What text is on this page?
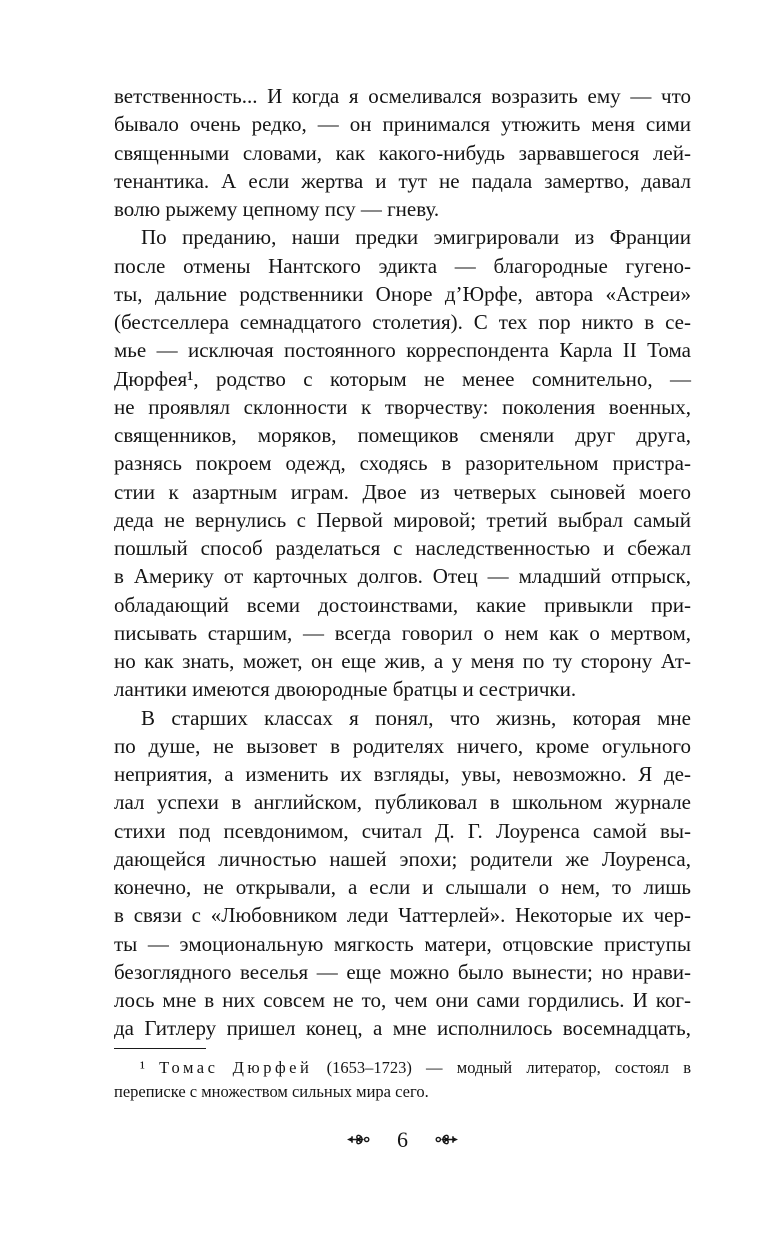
ветственность... И когда я осмеливался возразить ему — что
бывало очень редко, — он принимался утюжить меня сими
священными словами, как какого-нибудь зарвавшегося лей-
тенантика. А если жертва и тут не падала замертво, давал
волю рыжему цепному псу — гневу.

По преданию, наши предки эмигрировали из Франции
после отмены Нантского эдикта — благородные гугено-
ты, дальние родственники Оноре д’Юрфе, автора «Астреи»
(бестселлера семнадцатого столетия). С тех пор никто в се-
мье — исключая постоянного корреспондента Карла II Тома
Дюрфея¹, родство с которым не менее сомнительно, —
не проявлял склонности к творчеству: поколения военных,
священников, моряков, помещиков сменяли друг друга,
разнясь покроем одежд, сходясь в разорительном пристра-
стии к азартным играм. Двое из четверых сыновей моего
деда не вернулись с Первой мировой; третий выбрал самый
пошлый способ разделаться с наследственностью и сбежал
в Америку от карточных долгов. Отец — младший отпрыск,
обладающий всеми достоинствами, какие привыкли при-
писывать старшим, — всегда говорил о нем как о мертвом,
но как знать, может, он еще жив, а у меня по ту сторону Ат-
лантики имеются двоюродные братцы и сестрички.

В старших классах я понял, что жизнь, которая мне
по душе, не вызовет в родителях ничего, кроме огульного
неприятия, а изменить их взгляды, увы, невозможно. Я де-
лал успехи в английском, публиковал в школьном журнале
стихи под псевдонимом, считал Д. Г. Лоуренса самой вы-
дающейся личностью нашей эпохи; родители же Лоуренса,
конечно, не открывали, а если и слышали о нем, то лишь
в связи с «Любовником леди Чаттерлей». Некоторые их чер-
ты — эмоциональную мягкость матери, отцовские приступы
безоглядного веселья — еще можно было вынести; но нрави-
лось мне в них совсем не то, чем они сами гордились. И ког-
да Гитлеру пришел конец, а мне исполнилось восемнадцать,

¹ Томас Дюрфей (1653–1723) — модный литератор, состоял в
переписке с множеством сильных мира сего.

6
